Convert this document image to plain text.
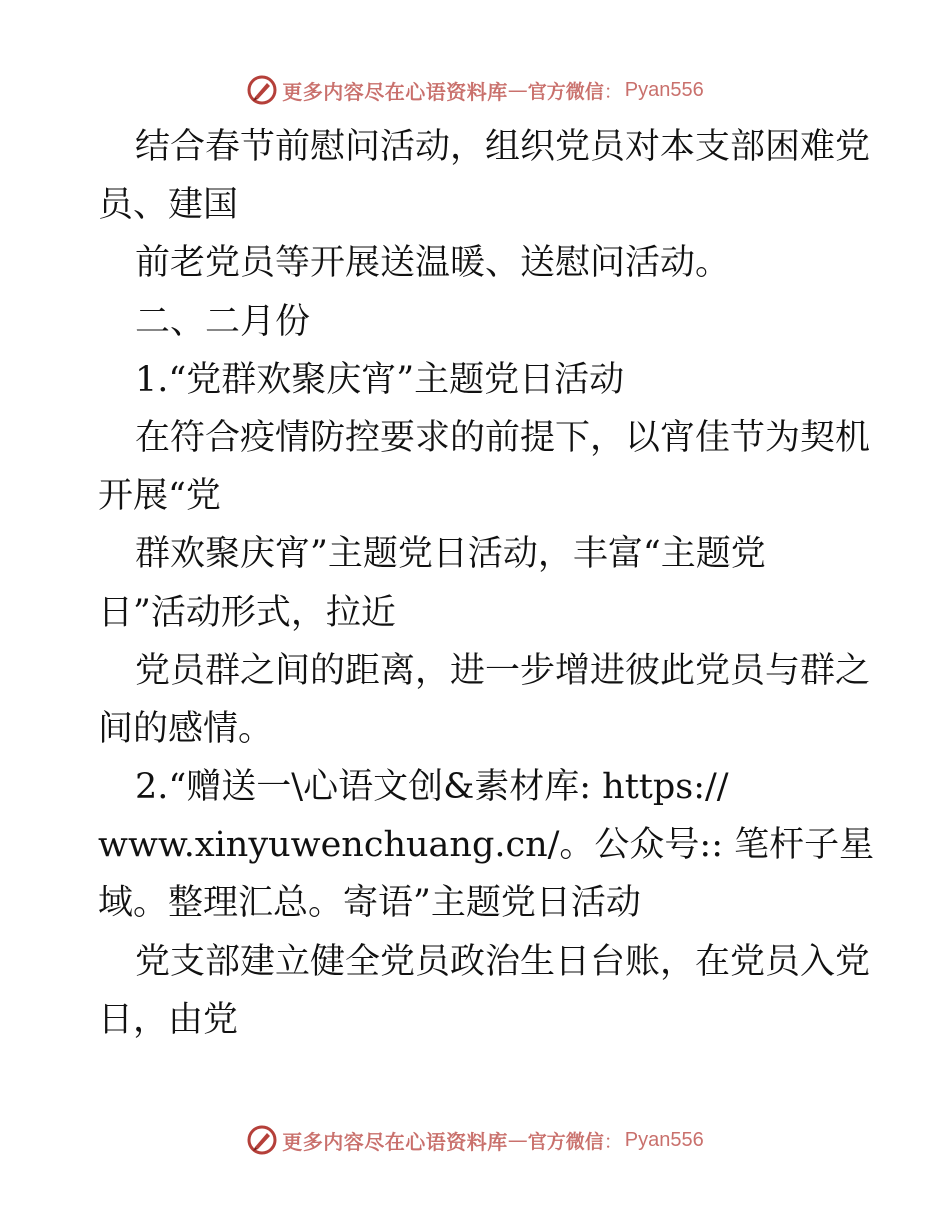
更多内容尽在心语资料库 — 官方微信 ： Pyan556
结合春节前慰问活动，组织党员对本支部困难党
员、建国
前老党员等开展送温暖、送慰问活动。
二、二月份
1.“党群欢聚庆宵”主题党日活动
在符合疫情防控要求的前提下，以宵佳节为契机
开展“党
群欢聚庆宵”主题党日活动，丰富“主题党
日”活动形式，拉近
党员群之间的距离，进一步增进彼此党员与群之
间的感情。
2.“赠送一\心语文创&素材库: https://
www.xinyuwenchuang.cn/。公众号:: 笔杆子星
域。整理汇总。寄语”主题党日活动
党支部建立健全党员政治生日台账，在党员入党
日，由党
更多内容尽在心语资料库 — 官方微信 ： Pyan556
